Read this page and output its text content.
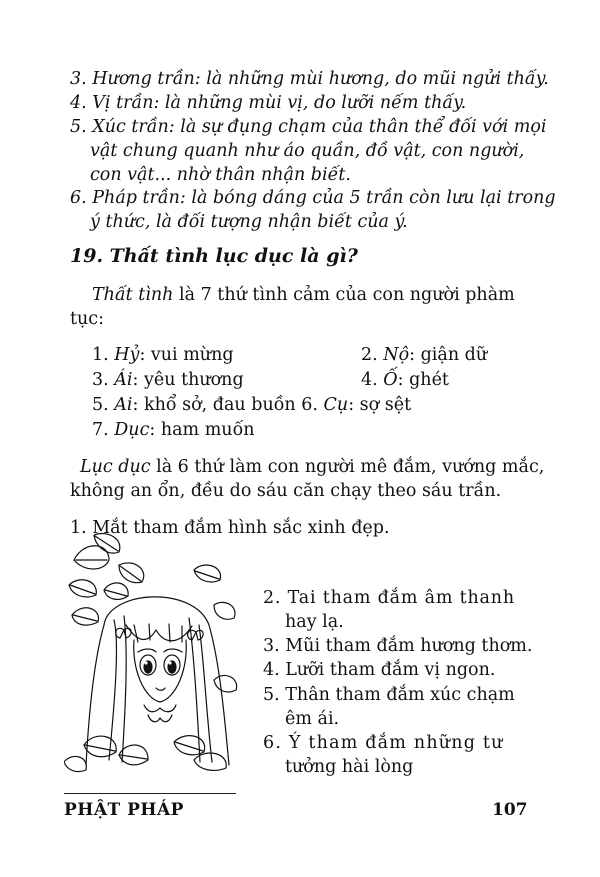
3. Hương trần: là những mùi hương, do mũi ngửi thấy.
4. Vị trần: là những mùi vị, do lưỡi nếm thấy.
5. Xúc trần: là sự đụng chạm của thân thể đối với mọi
vật chung quanh như áo quần, đồ vật, con người,
con vật... nhờ thân nhận biết.
6. Pháp trần: là bóng dáng của 5 trần còn lưu lại trong
ý thức, là đối tượng nhận biết của ý.
19. Thất tình lục dục là gì?
Thất tình là 7 thứ tình cảm của con người phàm
tục:
1. Hỷ: vui mừng	2. Nộ: giận dữ
3. Ái: yêu thương	4. Ố: ghét
5. Ai: khổ sở, đau buồn 6. Cụ: sợ sệt
7. Dục: ham muốn
Lục dục là 6 thứ làm con người mê đắm, vướng mắc,
không an ổn, đều do sáu căn chạy theo sáu trần.
1. Mắt tham đắm hình sắc xinh đẹp.
2. Tai tham đắm âm thanh
hay lạ.
3. Mũi tham đắm hương thơm.
4. Lưỡi tham đắm vị ngon.
5. Thân tham đắm xúc chạm
êm ái.
6. Ý tham đắm những tư
tưởng hài lòng
PHẬT PHÁP	107
